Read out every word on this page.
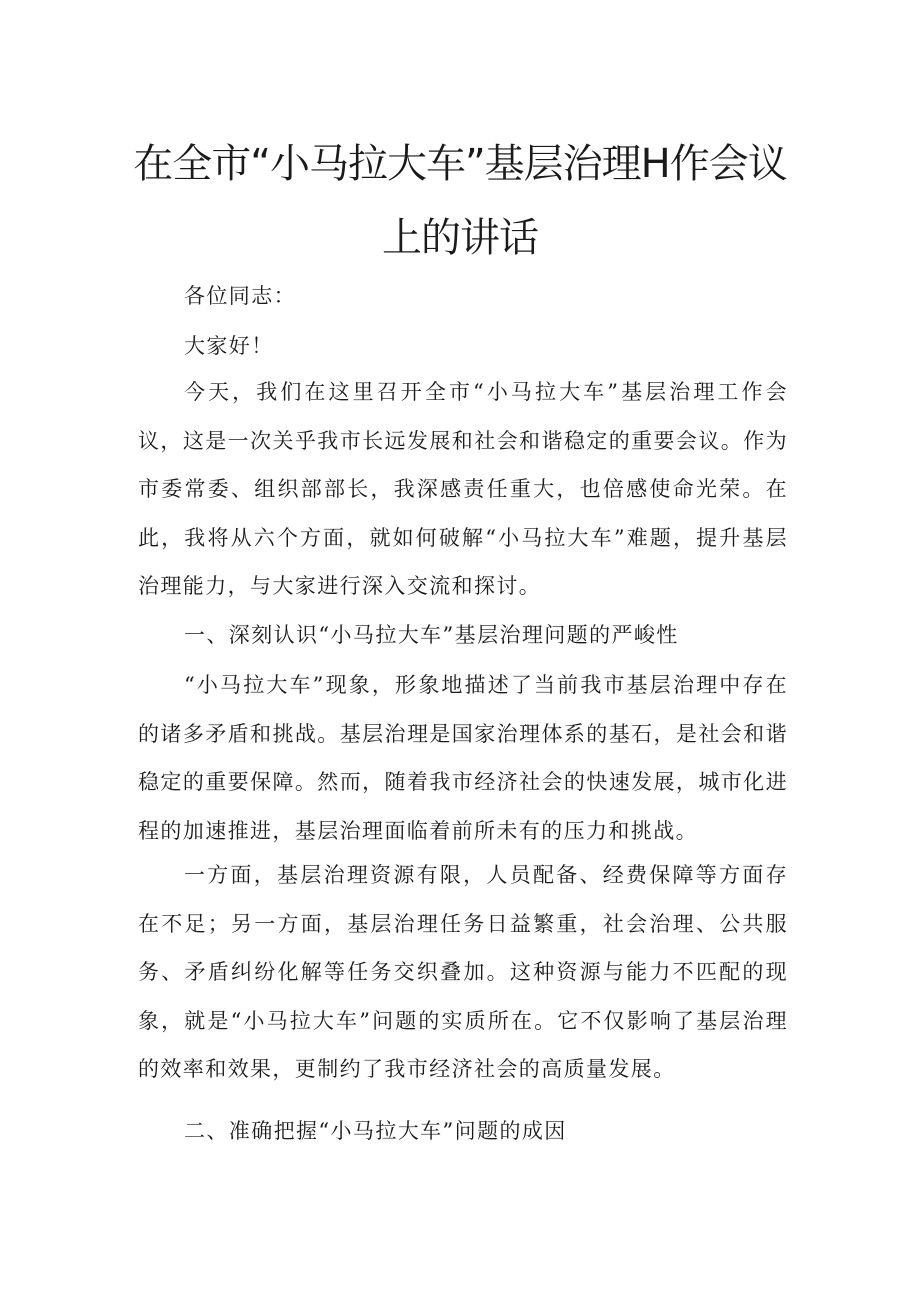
在全市“小马拉大车”基层治理H作会议
上的讲话

各位同志：

大家好！

今天，我们在这里召开全市“小马拉大车”基层治理工作会议，这是一次关乎我市长远发展和社会和谐稳定的重要会议。作为市委常委、组织部部长，我深感责任重大，也倍感使命光荣。在此，我将从六个方面，就如何破解“小马拉大车”难题，提升基层治理能力，与大家进行深入交流和探讨。

一、深刻认识“小马拉大车”基层治理问题的严峻性

“小马拉大车”现象，形象地描述了当前我市基层治理中存在的诸多矛盾和挑战。基层治理是国家治理体系的基石，是社会和谐稳定的重要保障。然而，随着我市经济社会的快速发展，城市化进程的加速推进，基层治理面临着前所未有的压力和挑战。

一方面，基层治理资源有限，人员配备、经费保障等方面存在不足；另一方面，基层治理任务日益繁重，社会治理、公共服务、矛盾纠纷化解等任务交织叠加。这种资源与能力不匹配的现象，就是“小马拉大车”问题的实质所在。它不仅影响了基层治理的效率和效果，更制约了我市经济社会的高质量发展。

二、准确把握“小马拉大车”问题的成因
